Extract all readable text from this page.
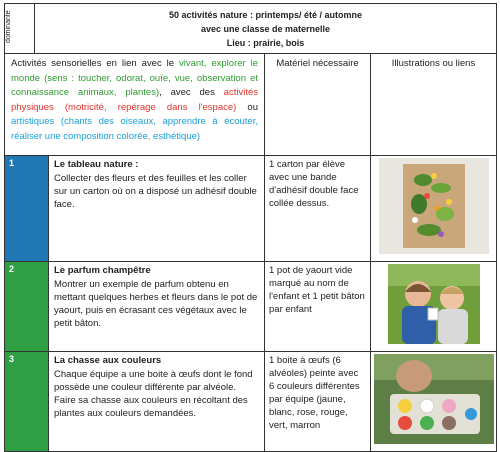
dominante	50 activités nature : printemps/ été / automne
avec une classe de maternelle
Lieu : prairie, bois			

Activités sensorielles en lien avec le vivant, explorer le monde (sens : toucher, odorat, ouïe, vue, observation et connaissance animaux, plantes), avec des activités physiques (motricité, repérage dans l'espace) ou artistiques (chants des oiseaux, apprendre à écouter, réaliser une composition colorée, esthétique)			Matériel nécessaire	Illustrations ou liens

1		Le tableau nature :
Collecter des fleurs et des feuilles et les coller sur un carton où on a disposé un adhésif double face.	1 carton par élève avec une bande d'adhésif double face collée dessus.	

2		Le parfum champêtre
Montrer un exemple de parfum obtenu en mettant quelques herbes et fleurs dans le pot de yaourt, puis en écrasant ces végétaux avec le petit bâton.	1 pot de yaourt vide marqué au nom de l'enfant et 1 petit bâton par enfant	

3		La chasse aux couleurs
Chaque équipe a une boite à œufs dont le fond possède une couleur différente par alvéole. Faire sa chasse aux couleurs en récoltant des plantes aux couleurs demandées.	1 boite à œufs (6 alvéoles) peinte avec 6 couleurs différentes par équipe (jaune, blanc, rose, rouge, vert, marron	
